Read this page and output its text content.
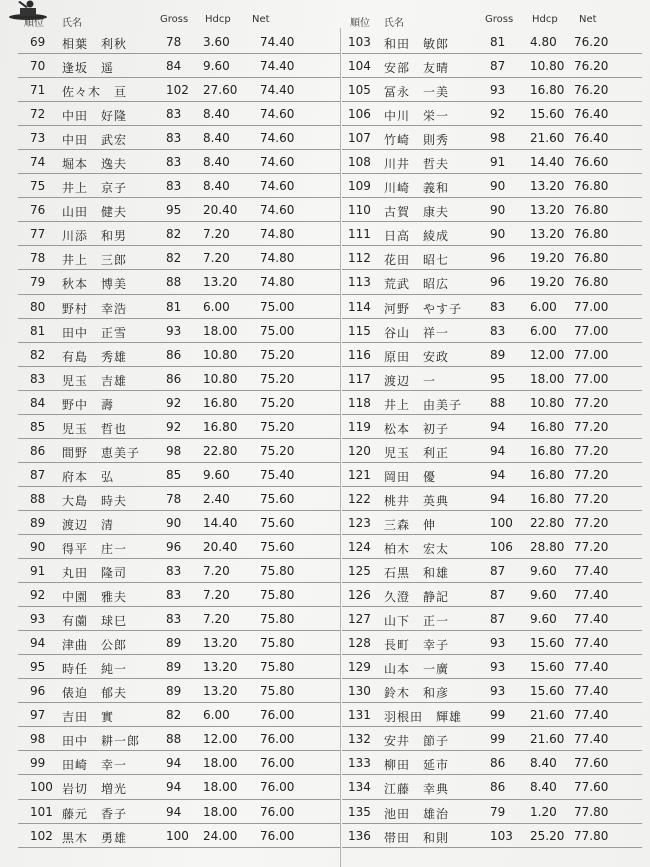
順位 氏名	Gross Hdcp Net
69 相葉　利秋	78 3.60	74.40
70 逢坂　遥	84 9.60	74.40
71 佐々木　亘	102 27.60 74.40
72 中田　好隆	83 8.40	74.60
73 中田　武宏	83 8.40	74.60
74 堀本　逸夫	83 8.40	74.60
75 井上　京子	83 8.40	74.60
76 山田　健夫	95 20.40 74.60
77 川添　和男	82 7.20	74.80
78 井上　三郎	82 7.20	74.80
79 秋本　博美	88 13.20 74.80
80 野村　幸浩	81 6.00	75.00
81 田中　正雪	93 18.00 75.00
82 有島　秀雄	86 10.80 75.20
83 児玉　吉雄	86 10.80 75.20
84 野中　壽	92 16.80 75.20
85 児玉　哲也	92 16.80 75.20
86 間野　恵美子 98 22.80 75.20
87 府本　弘	85 9.60	75.40
88 大島　時夫	78 2.40	75.60
89 渡辺　清	90 14.40 75.60
90 得平　庄一	96 20.40 75.60
91 丸田　隆司	83 7.20	75.80
92 中園　雅夫	83 7.20	75.80
93 有薗　球巳	83 7.20	75.80
94 津曲　公郎	89 13.20 75.80
95 時任　純一	89 13.20 75.80
96 俵迫　郁夫	89 13.20 75.80
97 吉田　實	82 6.00	76.00
98 田中　耕一郎 88 12.00 76.00
99 田崎　幸一	94 18.00 76.00
100 岩切　増光	94 18.00 76.00
101 藤元　香子	94 18.00 76.00
102 黒木　勇雄	100 24.00 76.00
順位 氏名	Gross Hdcp Net
103 和田　敏郎	81 4.80 76.20
104 安部　友晴	87 10.80 76.20
105 冨永　一美	93 16.80 76.20
106 中川　栄一	92 15.60 76.40
107 竹崎　則秀	98 21.60 76.40
108 川井　哲夫	91 14.40 76.60
109 川崎　義和	90 13.20 76.80
110 古賀　康夫	90 13.20 76.80
111 日高　綾成	90 13.20 76.80
112 花田　昭七	96 19.20 76.80
113 荒武　昭広	96 19.20 76.80
114 河野　やす子 83 6.00 77.00
115 谷山　祥一	83 6.00 77.00
116 原田　安政	89 12.00 77.00
117 渡辺　一	95 18.00 77.00
118 井上　由美子 88 10.80 77.20
119 松本　初子	94 16.80 77.20
120 児玉　利正	94 16.80 77.20
121 岡田　優	94 16.80 77.20
122 桃井　英典	94 16.80 77.20
123 三森　伸	100 22.80 77.20
124 柏木　宏太	106 28.80 77.20
125 石黒　和雄	87 9.60 77.40
126 久澄　静記	87 9.60 77.40
127 山下　正一	87 9.60 77.40
128 長町　幸子	93 15.60 77.40
129 山本　一廣	93 15.60 77.40
130 鈴木　和彦	93 15.60 77.40
131 羽根田　輝雄 99 21.60 77.40
132 安井　節子	99 21.60 77.40
133 柳田　延市	86 8.40 77.60
134 江藤　幸典	86 8.40 77.60
135 池田　雄治	79 1.20 77.80
136 帯田　和則	103 25.20 77.80
